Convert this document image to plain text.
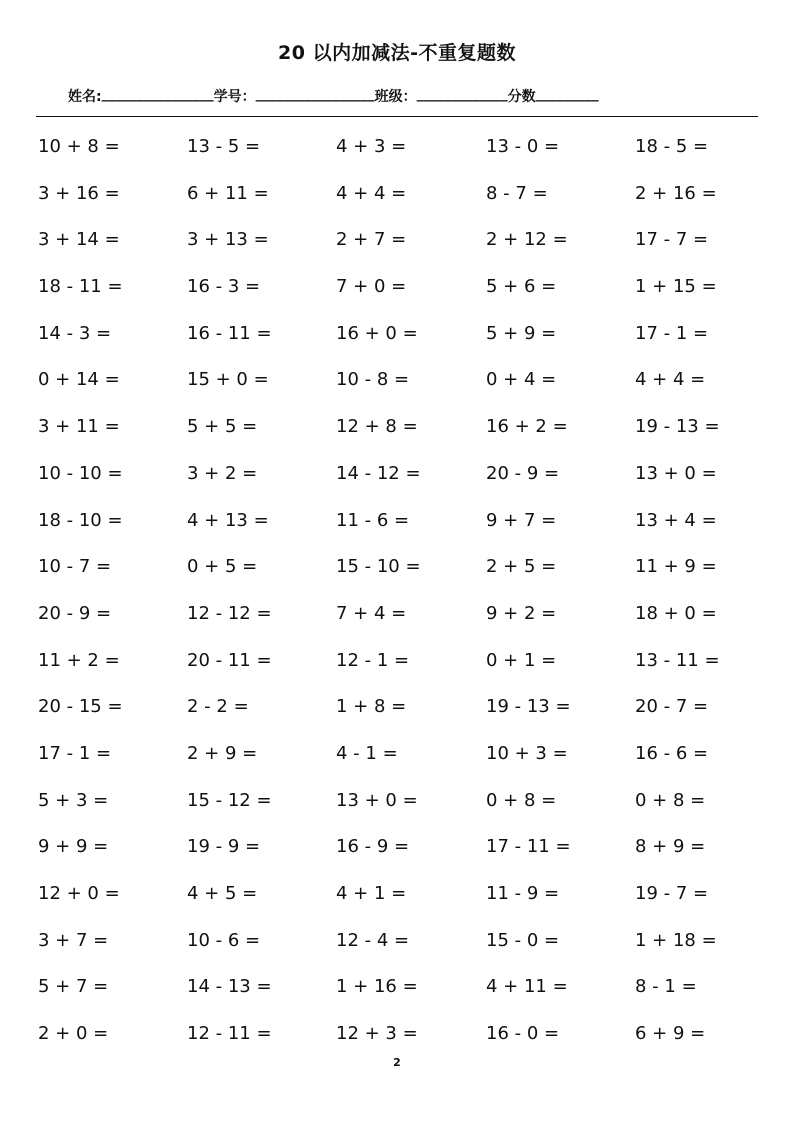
20 以内加减法-不重复题数
姓名: ________________ 学号： _________________ 班级： _____________ 分数 _________
10 + 8 =	13 - 5 =	4 + 3 =	13 - 0 =	18 - 5 =
3 + 16 =	6 + 11 =	4 + 4 =	8 - 7 =	2 + 16 =
3 + 14 =	3 + 13 =	2 + 7 =	2 + 12 =	17 - 7 =
18 - 11 =	16 - 3 =	7 + 0 =	5 + 6 =	1 + 15 =
14 - 3 =	16 - 11 =	16 + 0 =	5 + 9 =	17 - 1 =
0 + 14 =	15 + 0 =	10 - 8 =	0 + 4 =	4 + 4 =
3 + 11 =	5 + 5 =	12 + 8 =	16 + 2 =	19 - 13 =
10 - 10 =	3 + 2 =	14 - 12 =	20 - 9 =	13 + 0 =
18 - 10 =	4 + 13 =	11 - 6 =	9 + 7 =	13 + 4 =
10 - 7 =	0 + 5 =	15 - 10 =	2 + 5 =	11 + 9 =
20 - 9 =	12 - 12 =	7 + 4 =	9 + 2 =	18 + 0 =
11 + 2 =	20 - 11 =	12 - 1 =	0 + 1 =	13 - 11 =
20 - 15 =	2 - 2 =	1 + 8 =	19 - 13 =	20 - 7 =
17 - 1 =	2 + 9 =	4 - 1 =	10 + 3 =	16 - 6 =
5 + 3 =	15 - 12 =	13 + 0 =	0 + 8 =	0 + 8 =
9 + 9 =	19 - 9 =	16 - 9 =	17 - 11 =	8 + 9 =
12 + 0 =	4 + 5 =	4 + 1 =	11 - 9 =	19 - 7 =
3 + 7 =	10 - 6 =	12 - 4 =	15 - 0 =	1 + 18 =
5 + 7 =	14 - 13 =	1 + 16 =	4 + 11 =	8 - 1 =
2 + 0 =	12 - 11 =	12 + 3 =	16 - 0 =	6 + 9 =
2
